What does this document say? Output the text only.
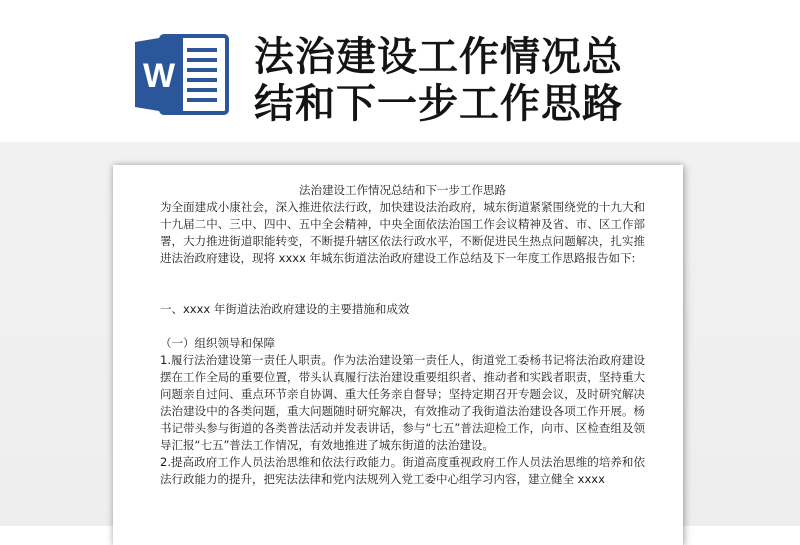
W 法治建设工作情况总
结和下一步工作思路

法治建设工作情况总结和下一步工作思路

为全面建成小康社会，深入推进依法行政，加快建设法治政府，城东街道紧紧围绕党的十九大和十九届二中、三中、四中、五中全会精神，中央全面依法治国工作会议精神及省、市、区工作部署，大力推进街道职能转变，不断提升辖区依法行政水平，不断促进民生热点问题解决，扎实推进法治政府建设，现将 xxxx 年城东街道法治政府建设工作总结及下一年度工作思路报告如下:

一、xxxx 年街道法治政府建设的主要措施和成效

（一）组织领导和保障

1.履行法治建设第一责任人职责。作为法治建设第一责任人，街道党工委杨书记将法治政府建设摆在工作全局的重要位置，带头认真履行法治建设重要组织者、推动者和实践者职责，坚持重大问题亲自过问、重点环节亲自协调、重大任务亲自督导；坚持定期召开专题会议，及时研究解决法治建设中的各类问题，重大问题随时研究解决，有效推动了我街道法治建设各项工作开展。杨书记带头参与街道的各类普法活动并发表讲话，参与“七五”普法迎检工作，向市、区检查组及领导汇报“七五”普法工作情况，有效地推进了城东街道的法治建设。

2.提高政府工作人员法治思维和依法行政能力。街道高度重视政府工作人员法治思维的培养和依法行政能力的提升，把宪法法律和党内法规列入党工委中心组学习内容，建立健全 xxxx
